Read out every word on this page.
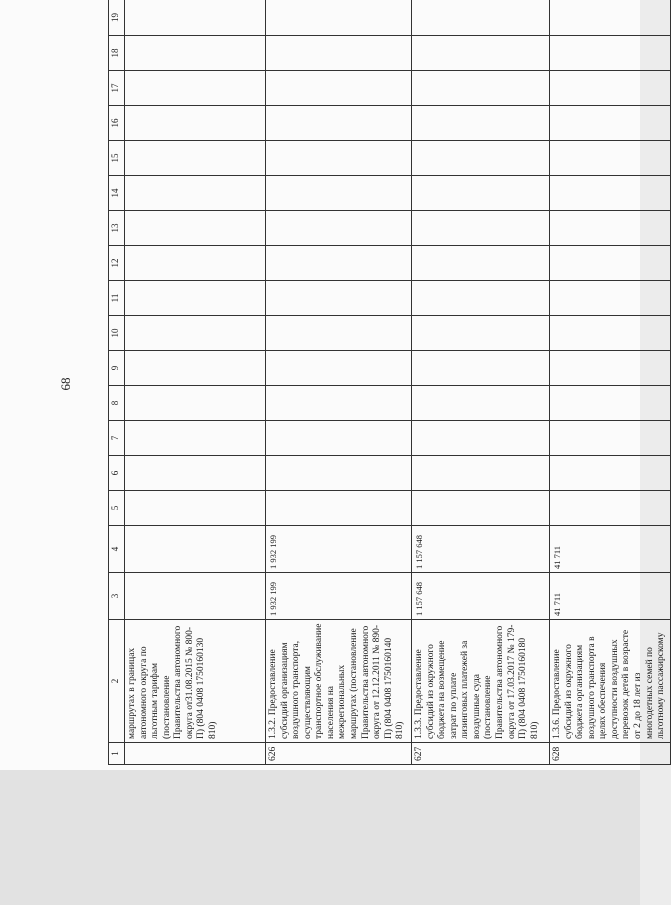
68
1	2	3	4	5	6	7	8	9	10	11	12	13	14	15	16	17	18	19
	маршрутах в границах автономного округа по льготным тарифам (постановление Правительства автономного округа от31.08.2015 № 800-П) (804 0408 1750160130 810)																	
626	1.3.2. Предоставление субсидий организациям воздушного транспорта, осуществляющим транспортное обслуживание населения на межрегиональных маршрутах (постановление Правительства автономного округа от 12.12.2011 № 890-П) (804 0408 1750160140 810)	1 932 199	1 932 199															
627	1.3.3. Предоставление субсидий из окружного бюджета на возмещение затрат по уплате лизинговых платежей за воздушные суда (постановление Правительства автономного округа от 17.03.2017 № 179-П) (804 0408 1750160180 810)	1 157 648	1 157 648															
628	1.3.6. Предоставление субсидий из окружного бюджета организациям воздушного транспорта в целях обеспечения доступности воздушных перевозок детей в возрасте от 2 до 18 лет из многодетных семей по льготному пассажирскому	41 711	41 711															
